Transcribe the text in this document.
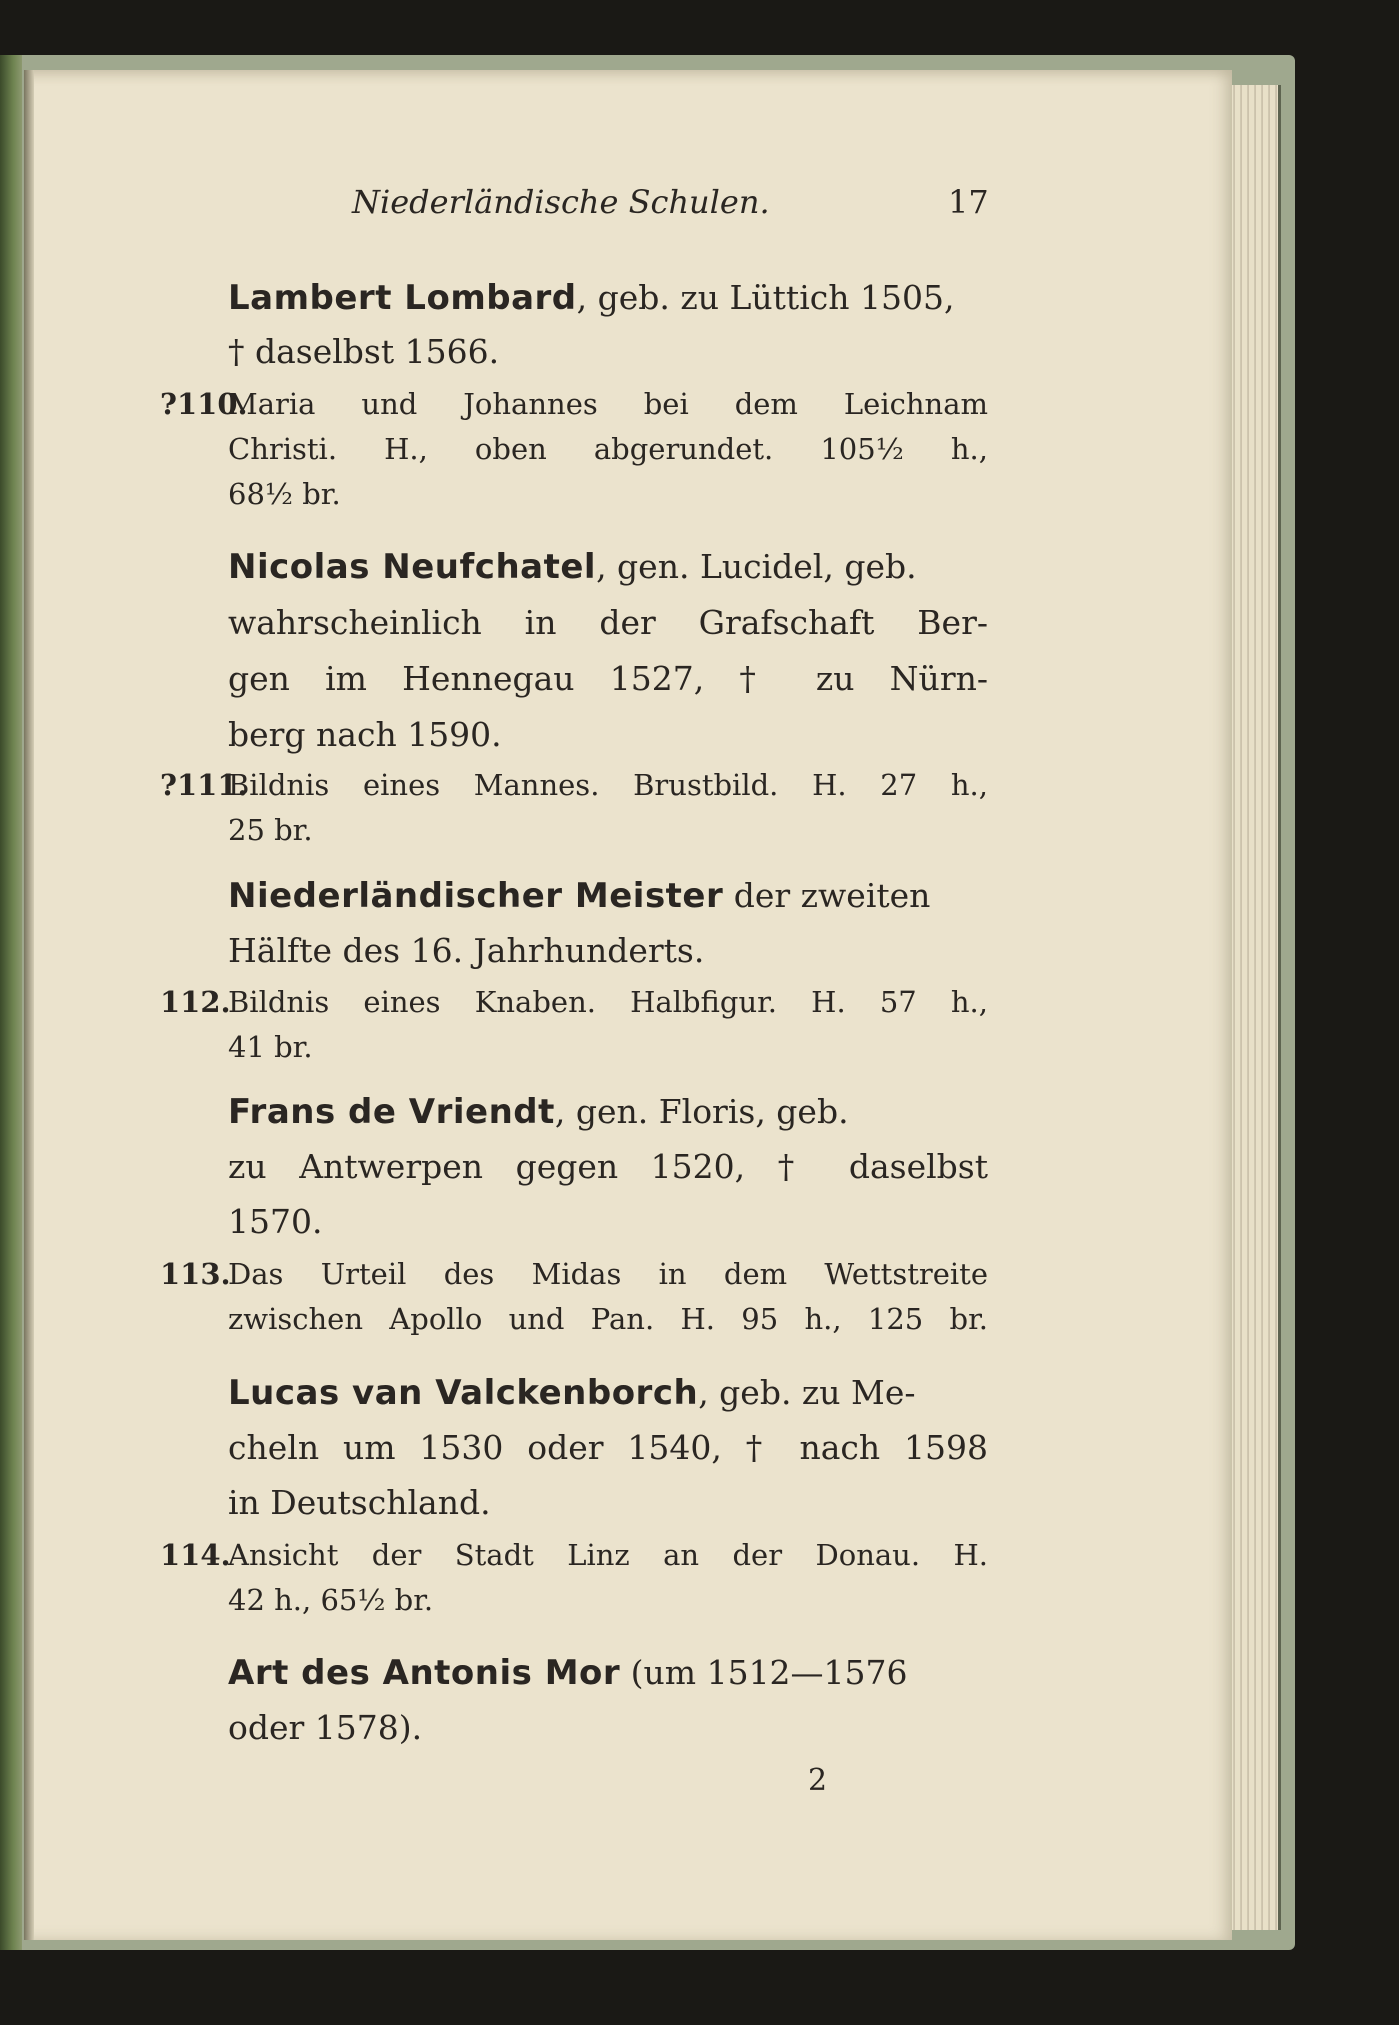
Niederländische Schulen.	17
Lambert Lombard, geb. zu Lüttich 1505,
† daselbst 1566.
?110.
Maria und Johannes bei dem Leichnam
Christi. H., oben abgerundet. 105½ h.,
68½ br.
Nicolas Neufchatel, gen. Lucidel, geb.
wahrscheinlich in der Grafschaft Ber-
gen im Hennegau 1527, † zu Nürn-
berg nach 1590.
?111.
Bildnis eines Mannes. Brustbild. H. 27 h.,
25 br.
Niederländischer Meister der zweiten
Hälfte des 16. Jahrhunderts.
112.
Bildnis eines Knaben. Halbfigur. H. 57 h.,
41 br.
Frans de Vriendt, gen. Floris, geb.
zu Antwerpen gegen 1520, † daselbst
1570.
113.
Das Urteil des Midas in dem Wettstreite
zwischen Apollo und Pan. H. 95 h., 125 br.
Lucas van Valckenborch, geb. zu Me-
cheln um 1530 oder 1540, † nach 1598
in Deutschland.
114.
Ansicht der Stadt Linz an der Donau. H.
42 h., 65½ br.
Art des Antonis Mor (um 1512—1576
oder 1578).
2
